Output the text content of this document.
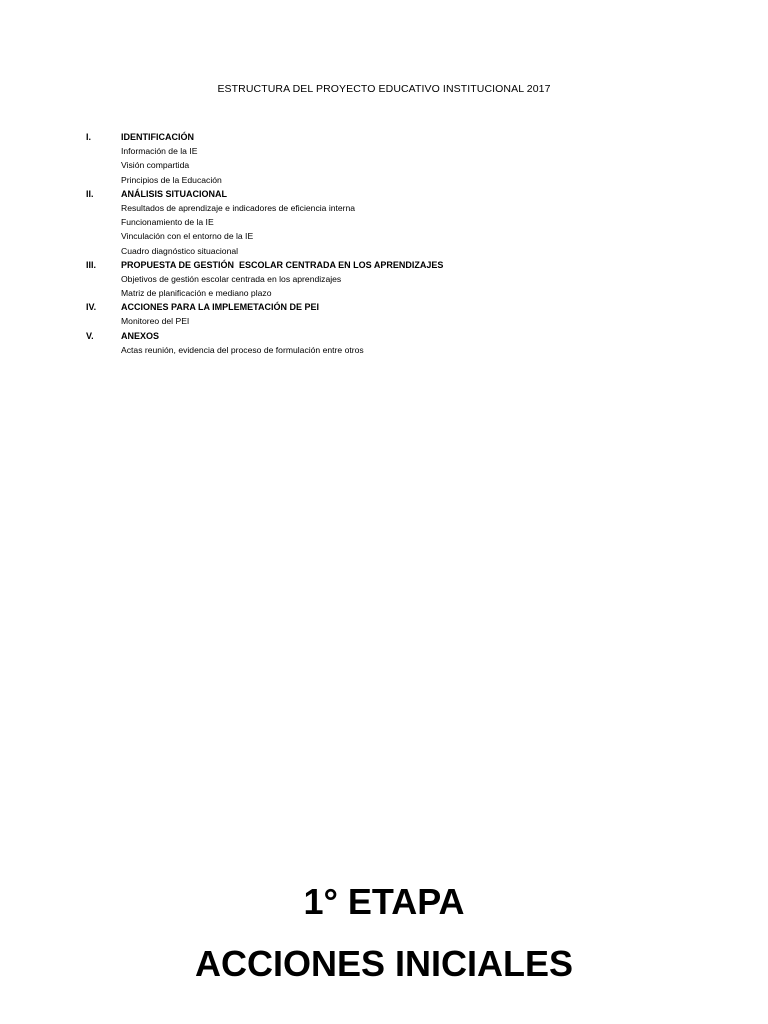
ESTRUCTURA DEL PROYECTO EDUCATIVO INSTITUCIONAL 2017
I.	IDENTIFICACIÓN
Información de la IE
Visión compartida
Principios de la Educación
II.	ANÁLISIS SITUACIONAL
Resultados de aprendizaje e indicadores de eficiencia interna
Funcionamiento de la IE
Vinculación con el entorno de la IE
Cuadro diagnóstico situacional
III.	PROPUESTA DE GESTIÓN  ESCOLAR CENTRADA EN LOS APRENDIZAJES
Objetivos de gestión escolar centrada en los aprendizajes
Matriz de planificación e mediano plazo
IV.	ACCIONES PARA LA IMPLEMETACIÓN DE PEI
Monitoreo del PEI
V.	ANEXOS
Actas reunión, evidencia del proceso de formulación entre otros
1° ETAPA
ACCIONES INICIALES
